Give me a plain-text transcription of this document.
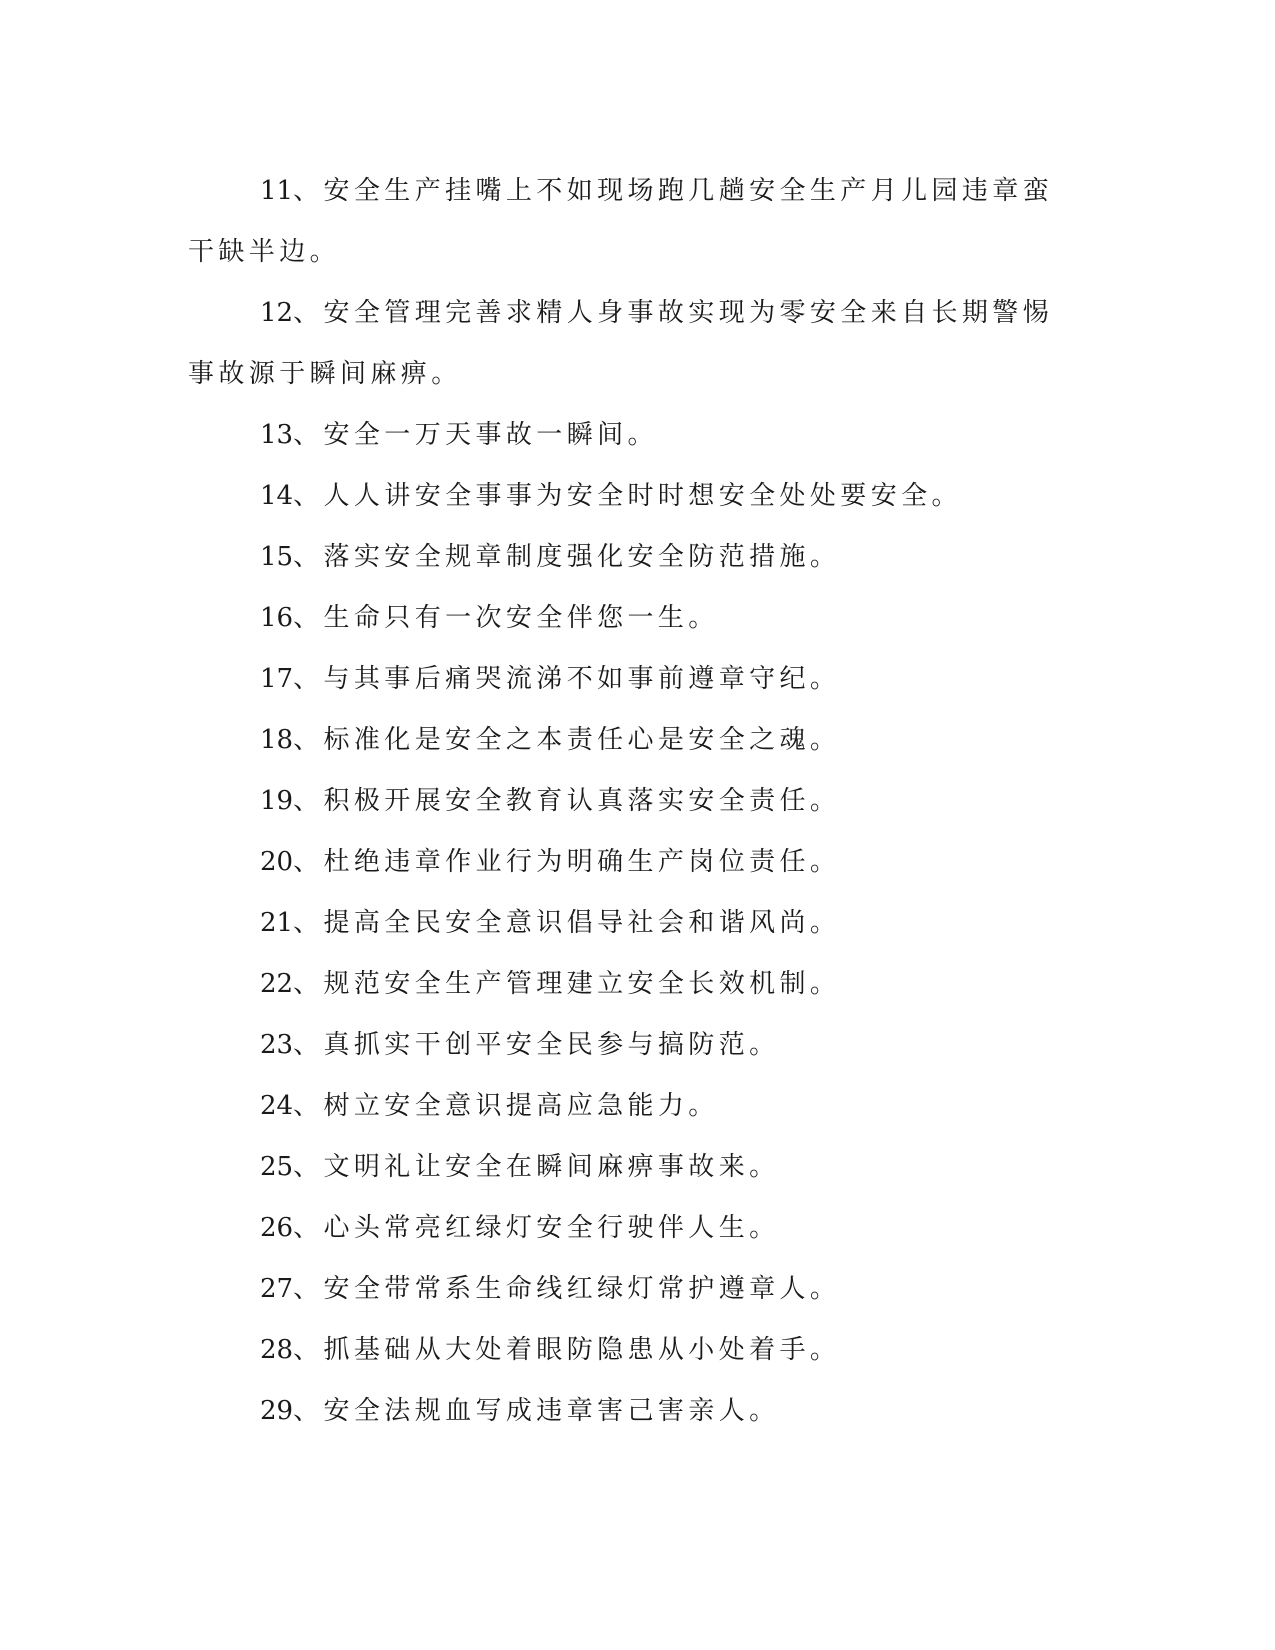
11、安全生产挂嘴上不如现场跑几趟安全生产月儿园违章蛮干缺半边。

12、安全管理完善求精人身事故实现为零安全来自长期警惕事故源于瞬间麻痹。

13、安全一万天事故一瞬间。

14、人人讲安全事事为安全时时想安全处处要安全。

15、落实安全规章制度强化安全防范措施。

16、生命只有一次安全伴您一生。

17、与其事后痛哭流涕不如事前遵章守纪。

18、标准化是安全之本责任心是安全之魂。

19、积极开展安全教育认真落实安全责任。

20、杜绝违章作业行为明确生产岗位责任。

21、提高全民安全意识倡导社会和谐风尚。

22、规范安全生产管理建立安全长效机制。

23、真抓实干创平安全民参与搞防范。

24、树立安全意识提高应急能力。

25、文明礼让安全在瞬间麻痹事故来。

26、心头常亮红绿灯安全行驶伴人生。

27、安全带常系生命线红绿灯常护遵章人。

28、抓基础从大处着眼防隐患从小处着手。

29、安全法规血写成违章害己害亲人。
